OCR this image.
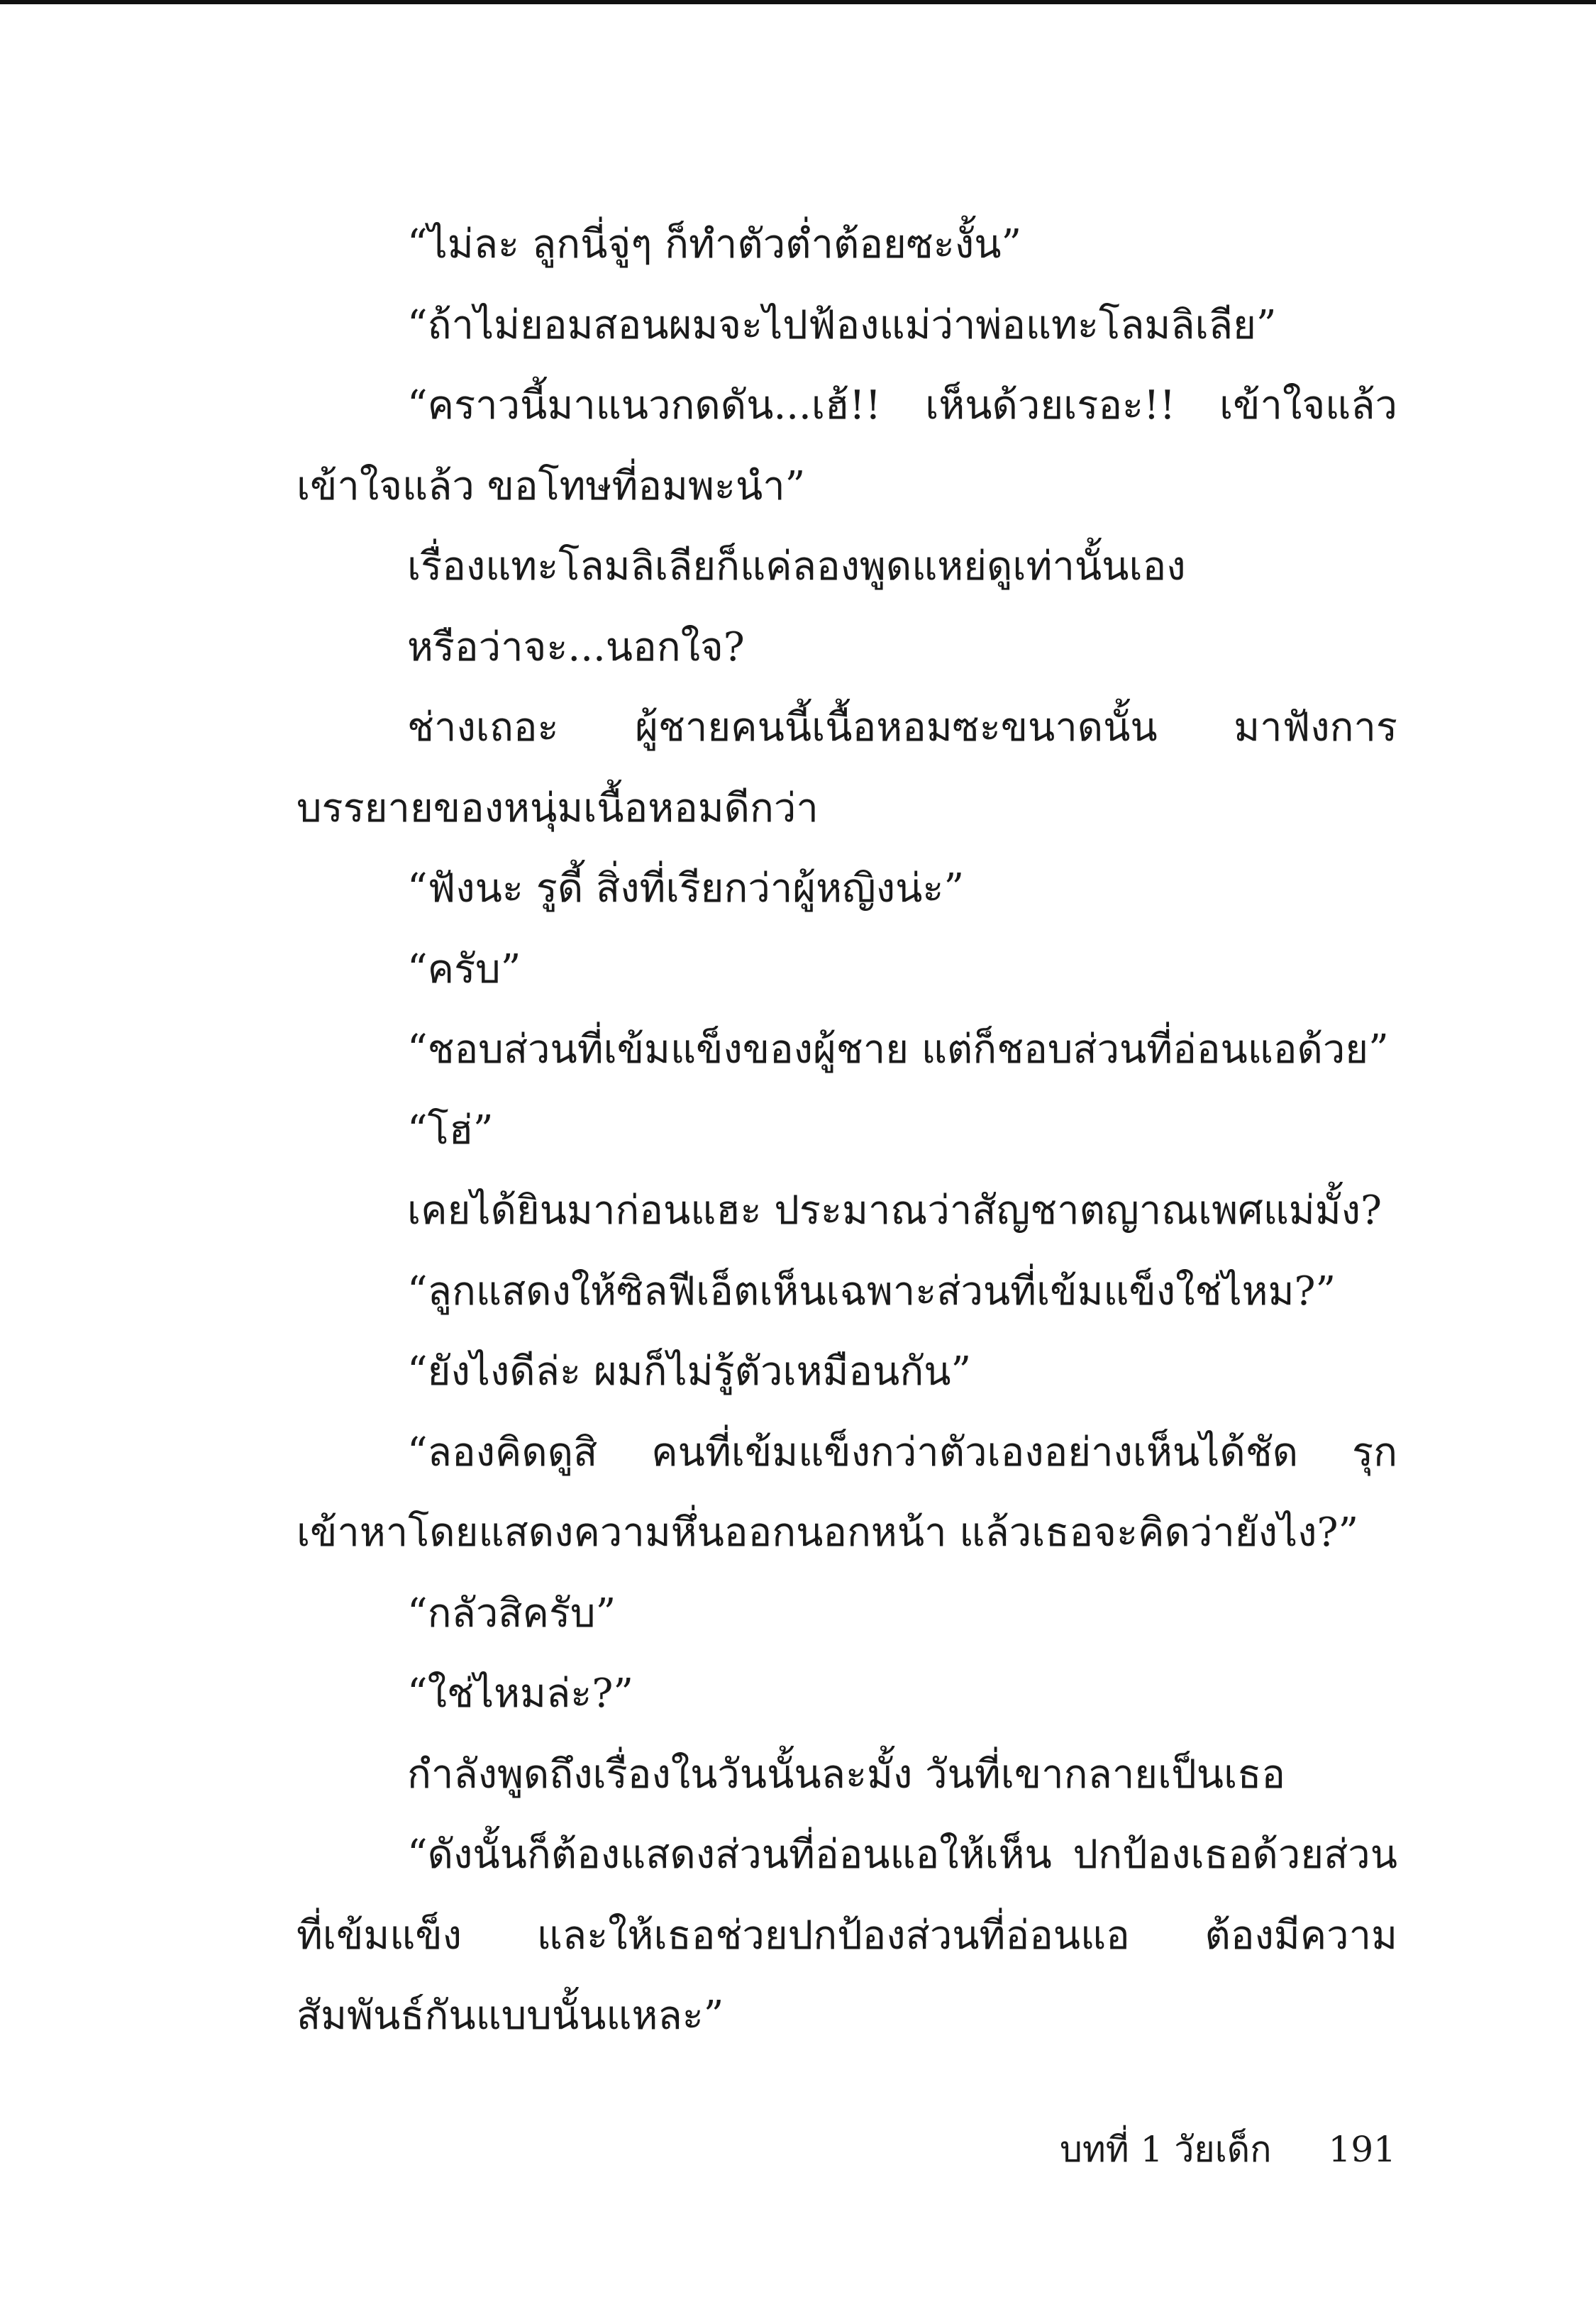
“ไม่ละ ลูกนี่จู่ๆ ก็ทำตัวต่ำต้อยซะงั้น”

“ถ้าไม่ยอมสอนผมจะไปฟ้องแม่ว่าพ่อแทะโลมลิเลีย”

“คราวนี้มาแนวกดดัน...เฮ้!! เห็นด้วยเรอะ!! เข้าใจแล้ว เข้าใจแล้ว ขอโทษที่อมพะนำ”

เรื่องแทะโลมลิเลียก็แค่ลองพูดแหย่ดูเท่านั้นเอง

หรือว่าจะ...นอกใจ?

ช่างเถอะ ผู้ชายคนนี้เนื้อหอมซะขนาดนั้น มาฟังการบรรยายของหนุ่มเนื้อหอมดีกว่า

“ฟังนะ รูดี้ สิ่งที่เรียกว่าผู้หญิงน่ะ”

“ครับ”

“ชอบส่วนที่เข้มแข็งของผู้ชาย แต่ก็ชอบส่วนที่อ่อนแอด้วย”

“โฮ่”

เคยได้ยินมาก่อนแฮะ ประมาณว่าสัญชาตญาณเพศแม่มั้ง?

“ลูกแสดงให้ซิลฟีเอ็ตเห็นเฉพาะส่วนที่เข้มแข็งใช่ไหม?”

“ยังไงดีล่ะ ผมก็ไม่รู้ตัวเหมือนกัน”

“ลองคิดดูสิ คนที่เข้มแข็งกว่าตัวเองอย่างเห็นได้ชัด รุกเข้าหาโดยแสดงความหึ่นออกนอกหน้า แล้วเธอจะคิดว่ายังไง?”

“กลัวสิครับ”

“ใช่ไหมล่ะ?”

กำลังพูดถึงเรื่องในวันนั้นละมั้ง วันที่เขากลายเป็นเธอ

“ดังนั้นก็ต้องแสดงส่วนที่อ่อนแอให้เห็น ปกป้องเธอด้วยส่วนที่เข้มแข็ง และให้เธอช่วยปกป้องส่วนที่อ่อนแอ ต้องมีความสัมพันธ์กันแบบนั้นแหละ”

บทที่ 1 วัยเด็ก 191
